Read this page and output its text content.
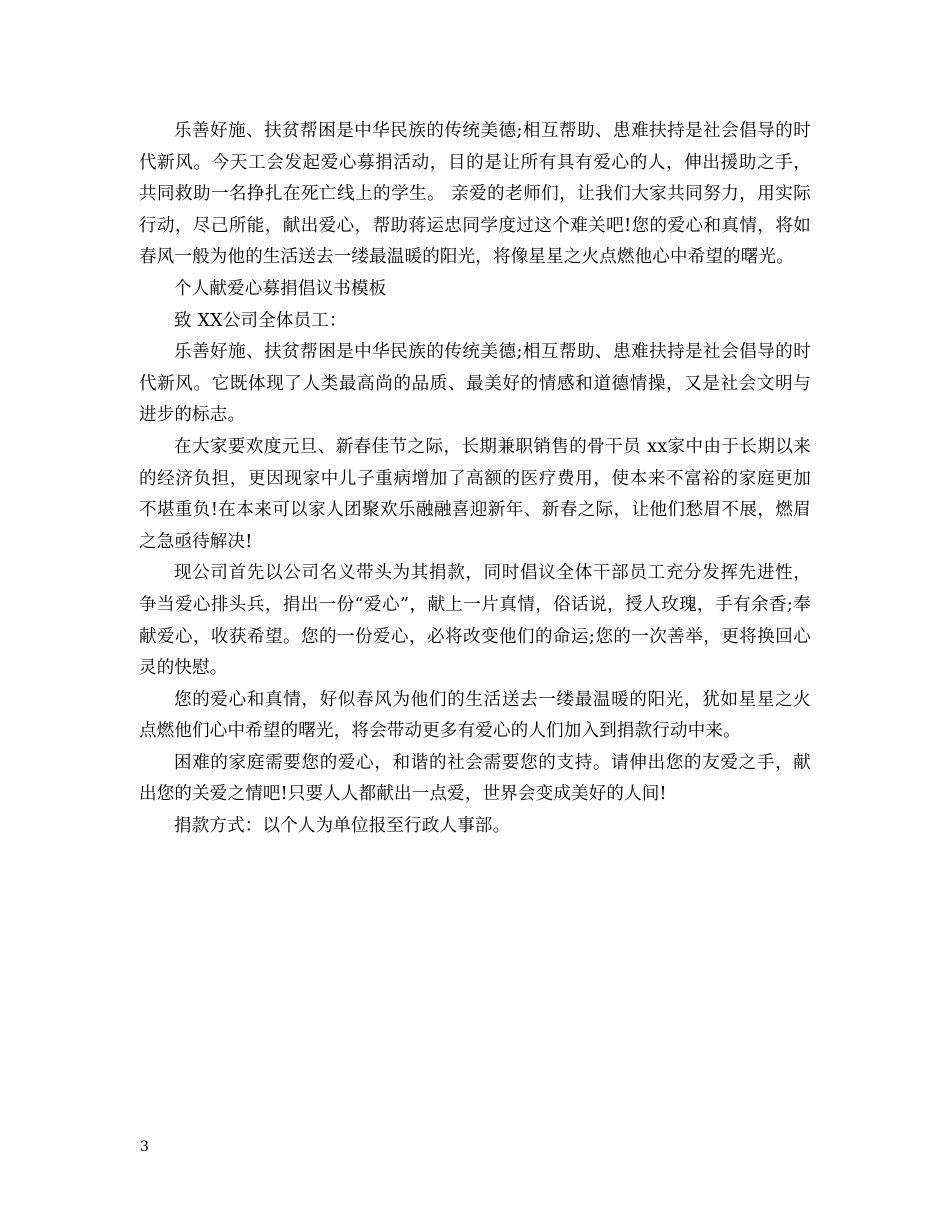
乐善好施、扶贫帮困是中华民族的传统美德;相互帮助、患难扶持是社会倡导的时代新风。今天工会发起爱心募捐活动，目的是让所有具有爱心的人，伸出援助之手，共同救助一名挣扎在死亡线上的学生。 亲爱的老师们，让我们大家共同努力，用实际行动，尽己所能，献出爱心，帮助蒋运忠同学度过这个难关吧!您的爱心和真情，将如春风一般为他的生活送去一缕最温暖的阳光，将像星星之火点燃他心中希望的曙光。

个人献爱心募捐倡议书模板

致 XX公司全体员工：

乐善好施、扶贫帮困是中华民族的传统美德;相互帮助、患难扶持是社会倡导的时代新风。它既体现了人类最高尚的品质、最美好的情感和道德情操，又是社会文明与进步的标志。

在大家要欢度元旦、新春佳节之际，长期兼职销售的骨干员 xx家中由于长期以来的经济负担，更因现家中儿子重病增加了高额的医疗费用，使本来不富裕的家庭更加不堪重负!在本来可以家人团聚欢乐融融喜迎新年、新春之际，让他们愁眉不展，燃眉之急亟待解决!

现公司首先以公司名义带头为其捐款，同时倡议全体干部员工充分发挥先进性，争当爱心排头兵，捐出一份“爱心”，献上一片真情，俗话说，授人玫瑰，手有余香;奉献爱心，收获希望。您的一份爱心，必将改变他们的命运;您的一次善举，更将换回心灵的快慰。

您的爱心和真情，好似春风为他们的生活送去一缕最温暖的阳光，犹如星星之火点燃他们心中希望的曙光，将会带动更多有爱心的人们加入到捐款行动中来。

困难的家庭需要您的爱心，和谐的社会需要您的支持。请伸出您的友爱之手，献出您的关爱之情吧!只要人人都献出一点爱，世界会变成美好的人间!

捐款方式：以个人为单位报至行政人事部。

3
